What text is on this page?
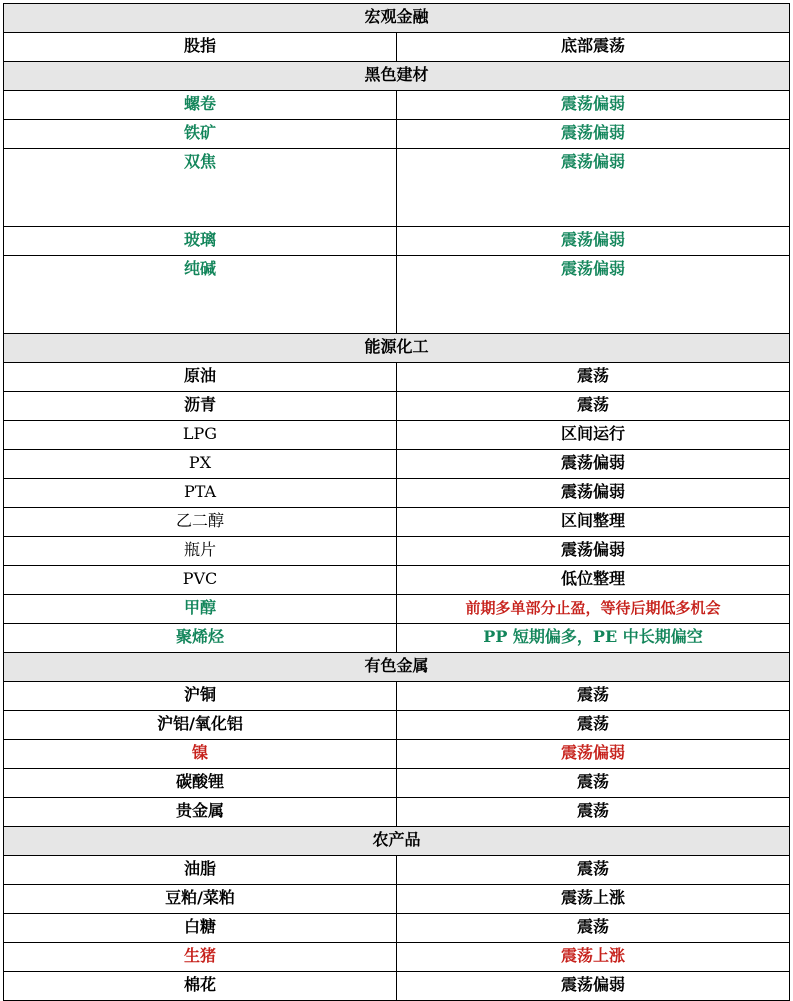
宏观金融	
股指	底部震荡
黑色建材	
螺卷	震荡偏弱
铁矿	震荡偏弱
双焦	震荡偏弱
玻璃	震荡偏弱
纯碱	震荡偏弱
能源化工	
原油	震荡
沥青	震荡
LPG	区间运行
PX	震荡偏弱
PTA	震荡偏弱
乙二醇	区间整理
瓶片	震荡偏弱
PVC	低位整理
甲醇	前期多单部分止盈，等待后期低多机会
聚烯烃	PP 短期偏多，PE 中长期偏空
有色金属	
沪铜	震荡
沪铝/氧化铝	震荡
镍	震荡偏弱
碳酸锂	震荡
贵金属	震荡
农产品	
油脂	震荡
豆粕/菜粕	震荡上涨
白糖	震荡
生猪	震荡上涨
棉花	震荡偏弱
